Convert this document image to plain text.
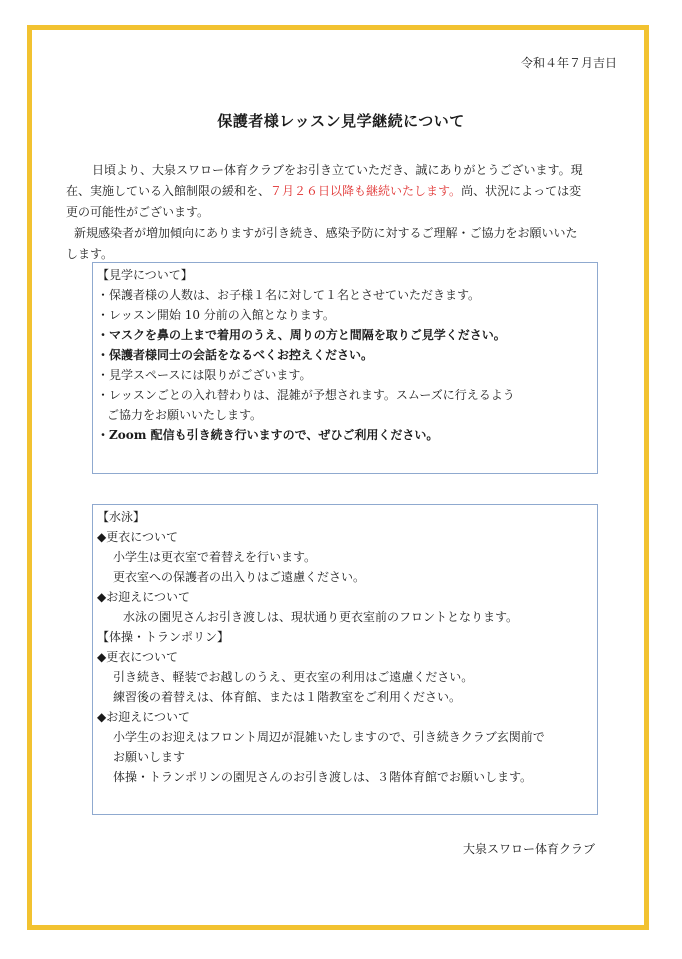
令和４年７月吉日
保護者様レッスン見学継続について

日頃より、大泉スワロー体育クラブをお引き立ていただき、誠にありがとうございます。現在、実施している入館制限の緩和を、７月２６日以降も継続いたします。尚、状況によっては変更の可能性がございます。

新規感染者が増加傾向にありますが引き続き、感染予防に対するご理解・ご協力をお願いいたします。

【見学について】
・保護者様の人数は、お子様１名に対して１名とさせていただきます。
・レッスン開始 10 分前の入館となります。
・マスクを鼻の上まで着用のうえ、周りの方と間隔を取りご見学ください。
・保護者様同士の会話をなるべくお控えください。
・見学スペースには限りがございます。
・レッスンごとの入れ替わりは、混雑が予想されます。スムーズに行えるよう
ご協力をお願いいたします。
・Zoom 配信も引き続き行いますので、ぜひご利用ください。
【水泳】
◆更衣について
小学生は更衣室で着替えを行います。
更衣室への保護者の出入りはご遠慮ください。
◆お迎えについて
水泳の園児さんお引き渡しは、現状通り更衣室前のフロントとなります。
【体操・トランポリン】
◆更衣について
引き続き、軽装でお越しのうえ、更衣室の利用はご遠慮ください。
練習後の着替えは、体育館、または１階教室をご利用ください。
◆お迎えについて
小学生のお迎えはフロント周辺が混雑いたしますので、引き続きクラブ玄関前で
お願いします
体操・トランポリンの園児さんのお引き渡しは、３階体育館でお願いします。
大泉スワロー体育クラブ
